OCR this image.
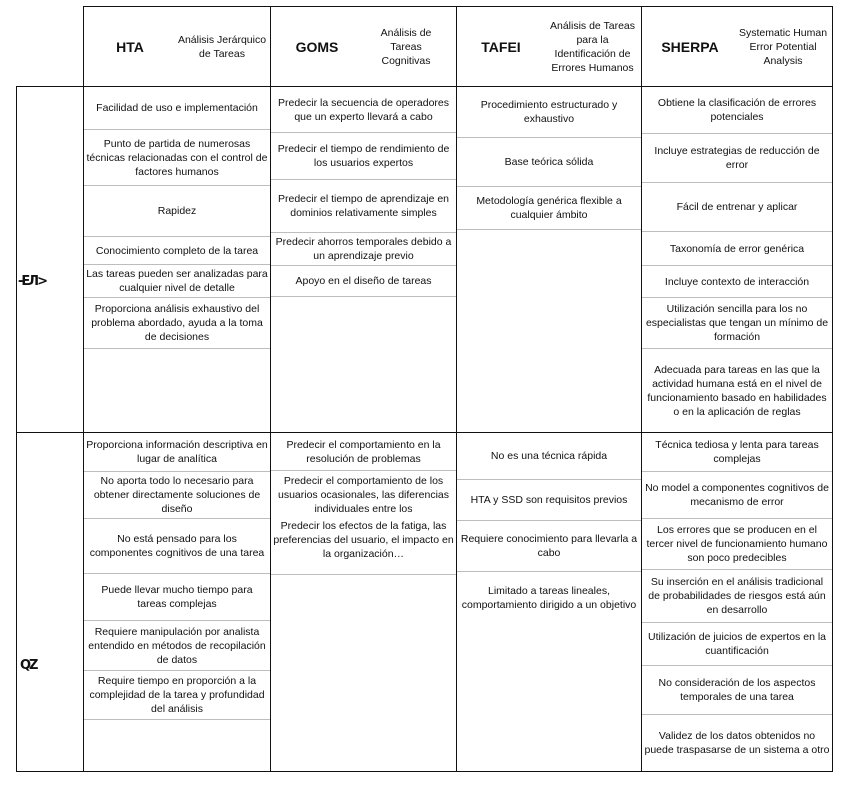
HTA	Análisis Jerárquico de Tareas	GOMS
Análisis de Tareas Cognitivas
TAFEI
Análisis de Tareas para la Identificación de Errores Humanos
SHERPA
Systematic Human Error Potential Analysis
-ЕЛ>
QZ
Facilidad de uso e implementación
Punto de partida de numerosas técnicas relacionadas con el control de factores humanos
Rapidez
Conocimiento completo de la tarea
Las tareas pueden ser analizadas para cualquier nivel de detalle
Proporciona análisis exhaustivo del problema abordado, ayuda a la toma de decisiones
Predecir la secuencia de operadores que un experto llevará a cabo
Predecir el tiempo de rendimiento de los usuarios expertos
Predecir el tiempo de aprendizaje en dominios relativamente simples
Predecir ahorros temporales debido a un aprendizaje previo
Apoyo en el diseño de tareas
Procedimiento estructurado y exhaustivo
Base teórica sólida
Metodología genérica flexible a cualquier ámbito
Obtiene la clasificación de errores potenciales
Incluye estrategias de reducción de error
Fácil de entrenar y aplicar
Taxonomía de error genérica
Incluye contexto de interacción
Utilización sencilla para los no especialistas que tengan un mínimo de formación
Adecuada para tareas en las que la actividad humana está en el nivel de funcionamiento basado en habilidades o en la aplicación de reglas
Proporciona información descriptiva en lugar de analítica
No aporta todo lo necesario para obtener directamente soluciones de diseño
No está pensado para los componentes cognitivos de una tarea
Puede llevar mucho tiempo para tareas complejas
Requiere manipulación por analista entendido en métodos de recopilación de datos
Require tiempo en proporción a la complejidad de la tarea y profundidad del análisis
Predecir el comportamiento en la resolución de problemas
Predecir el comportamiento de los usuarios ocasionales, las diferencias individuales entre los
Predecir los efectos de la fatiga, las preferencias del usuario, el impacto en la organización…
No es una técnica rápida
HTA y SSD son requisitos previos
Requiere conocimiento para llevarla a cabo
Limitado a tareas lineales, comportamiento dirigido a un objetivo
Técnica tediosa y lenta para tareas complejas
No model a componentes cognitivos de mecanismo de error
Los errores que se producen en el tercer nivel de funcionamiento humano son poco predecibles
Su inserción en el análisis tradicional de probabilidades de riesgos está aún en desarrollo
Utilización de juicios de expertos en la cuantificación
No consideración de los aspectos temporales de una tarea
Validez de los datos obtenidos no puede traspasarse de un sistema a otro
